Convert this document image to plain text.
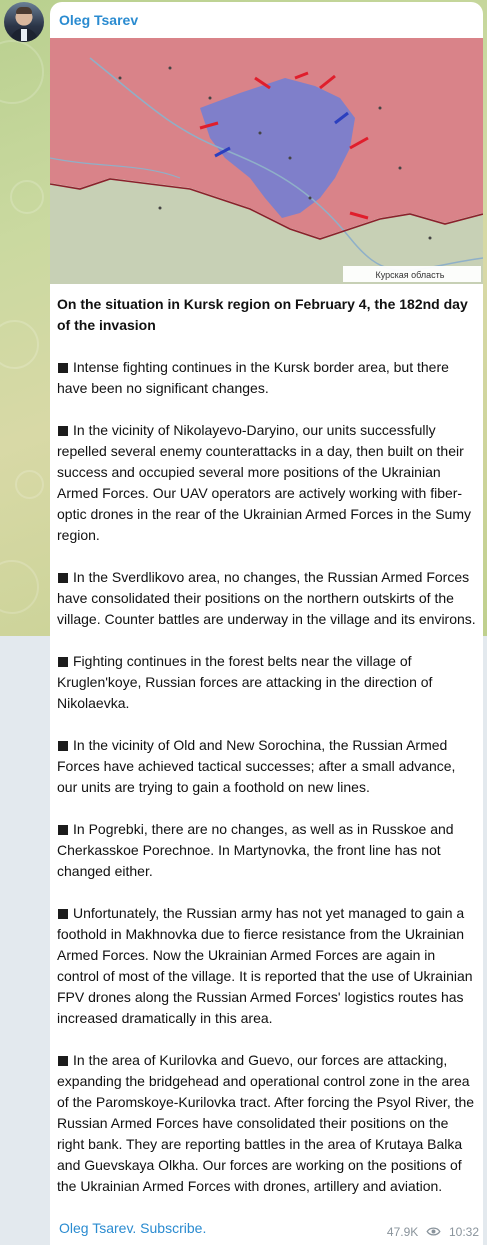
Oleg Tsarev
Курская область

On the situation in Kursk region on February 4, the 182nd day of the invasion

Intense fighting continues in the Kursk border area, but there have been no significant changes.

In the vicinity of Nikolayevo-Daryino, our units successfully repelled several enemy counterattacks in a day, then built on their success and occupied several more positions of the Ukrainian Armed Forces. Our UAV operators are actively working with fiber-optic drones in the rear of the Ukrainian Armed Forces in the Sumy region.

In the Sverdlikovo area, no changes, the Russian Armed Forces have consolidated their positions on the northern outskirts of the village. Counter battles are underway in the village and its environs.

Fighting continues in the forest belts near the village of Kruglen'koye, Russian forces are attacking in the direction of Nikolaevka.

In the vicinity of Old and New Sorochina, the Russian Armed Forces have achieved tactical successes; after a small advance, our units are trying to gain a foothold on new lines.

In Pogrebki, there are no changes, as well as in Russkoe and Cherkasskoe Porechnoe. In Martynovka, the front line has not changed either.

Unfortunately, the Russian army has not yet managed to gain a foothold in Makhnovka due to fierce resistance from the Ukrainian Armed Forces. Now the Ukrainian Armed Forces are again in control of most of the village. It is reported that the use of Ukrainian FPV drones along the Russian Armed Forces' logistics routes has increased dramatically in this area.

In the area of Kurilovka and Guevo, our forces are attacking, expanding the bridgehead and operational control zone in the area of the Paromskoye-Kurilovka tract. After forcing the Psyol River, the Russian Armed Forces have consolidated their positions on the right bank. They are reporting battles in the area of Krutaya Balka and Guevskaya Olkha. Our forces are working on the positions of the Ukrainian Armed Forces with drones, artillery and aviation.

Oleg Tsarev. Subscribe.	47.9K	10:32
